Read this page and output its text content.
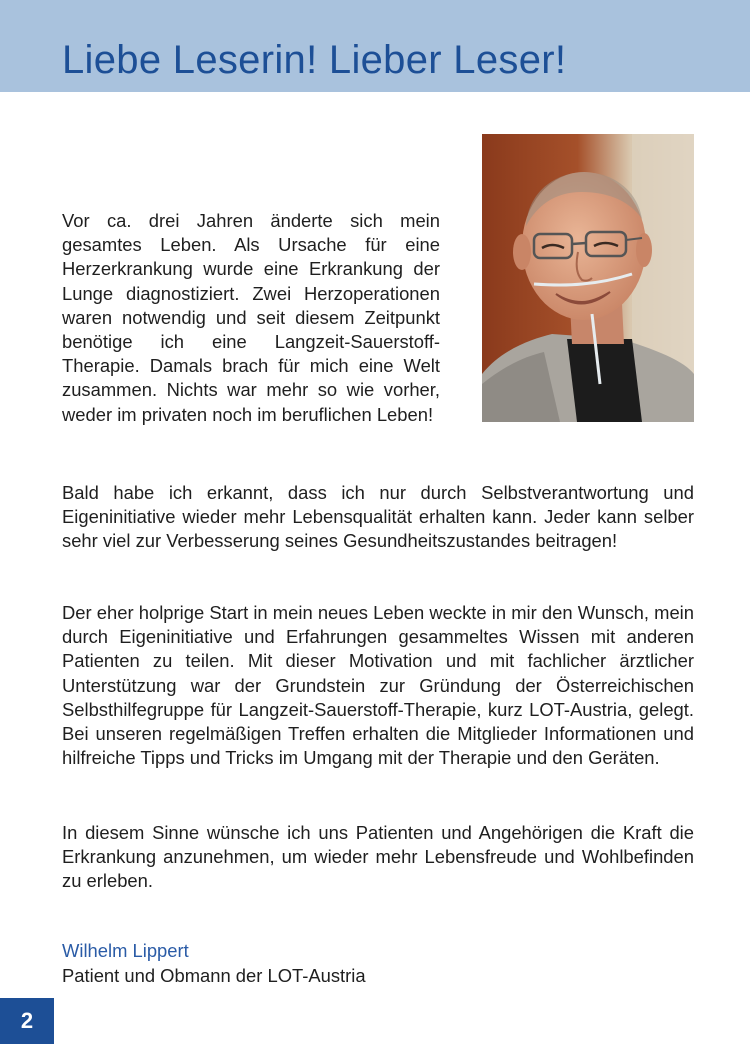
Liebe Leserin! Lieber Leser!

Vor ca. drei Jahren änderte sich mein gesamtes Leben. Als Ursache für eine Herzerkrankung wurde eine Erkrankung der Lunge diagnostiziert. Zwei Herzoperationen waren notwendig und seit diesem Zeitpunkt benötige ich eine Langzeit-Sauerstoff-Therapie. Damals brach für mich eine Welt zusammen. Nichts war mehr so wie vorher, weder im privaten noch im beruflichen Leben!

Bald habe ich erkannt, dass ich nur durch Selbstverantwortung und Eigeninitiative wieder mehr Lebensqualität erhalten kann. Jeder kann selber sehr viel zur Verbesserung seines Gesundheitszustandes beitragen!

Der eher holprige Start in mein neues Leben weckte in mir den Wunsch, mein durch Eigeninitiative und Erfahrungen gesammeltes Wissen mit anderen Patienten zu teilen. Mit dieser Motivation und mit fachlicher ärztlicher Unterstützung war der Grundstein zur Gründung der Österreichischen Selbsthilfegruppe für Langzeit-Sauerstoff-Therapie, kurz LOT-Austria, gelegt. Bei unseren regelmäßigen Treffen erhalten die Mitglieder Informationen und hilfreiche Tipps und Tricks im Umgang mit der Therapie und den Geräten.

In diesem Sinne wünsche ich uns Patienten und Angehörigen die Kraft die Erkrankung anzunehmen, um wieder mehr Lebensfreude und Wohlbefinden zu erleben.

Wilhelm Lippert

Patient und Obmann der LOT-Austria

2
